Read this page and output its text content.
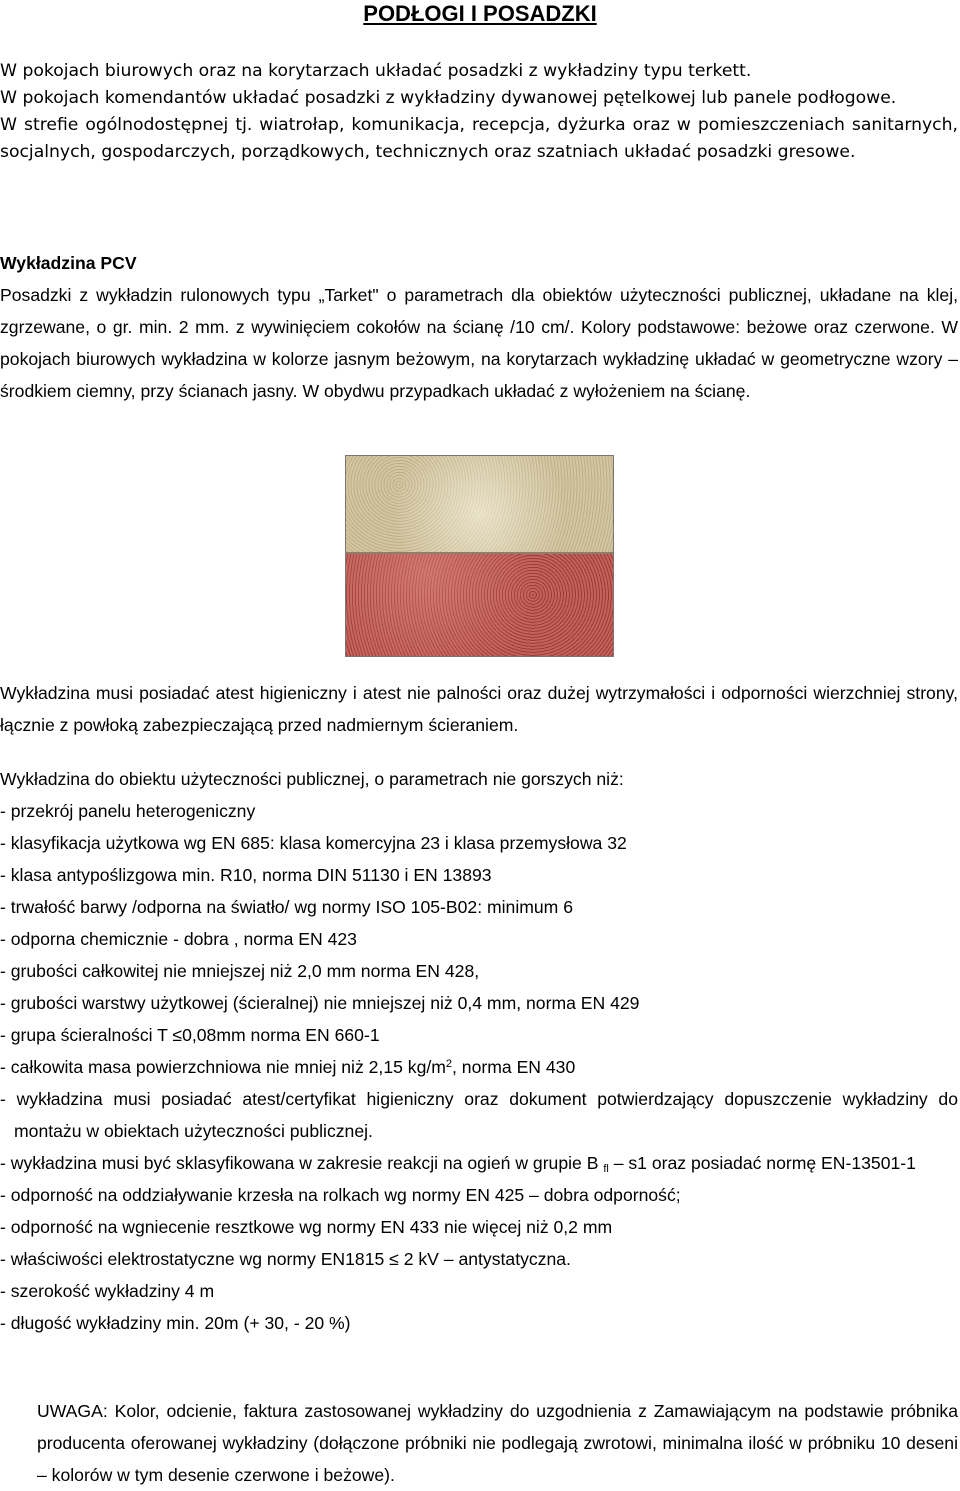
PODŁOGI I POSADZKI

W pokojach biurowych oraz na korytarzach układać posadzki z wykładziny typu terkett.

W pokojach komendantów układać posadzki z wykładziny dywanowej pętelkowej lub panele podłogowe.

W strefie ogólnodostępnej tj. wiatrołap, komunikacja, recepcja, dyżurka oraz w pomieszczeniach sanitarnych, socjalnych, gospodarczych, porządkowych, technicznych oraz szatniach układać posadzki gresowe.

Wykładzina PCV

Posadzki z wykładzin rulonowych typu „Tarket" o parametrach dla obiektów użyteczności publicznej, układane na klej, zgrzewane, o gr. min. 2 mm. z wywinięciem cokołów na ścianę /10 cm/. Kolory podstawowe: beżowe oraz czerwone. W pokojach biurowych wykładzina w kolorze jasnym beżowym, na korytarzach wykładzinę układać w geometryczne wzory – środkiem ciemny, przy ścianach jasny. W obydwu przypadkach układać z wyłożeniem na ścianę.

Wykładzina musi posiadać atest higieniczny i atest nie palności oraz dużej wytrzymałości i odporności wierzchniej strony, łącznie z powłoką zabezpieczającą przed nadmiernym ścieraniem.

Wykładzina do obiektu użyteczności publicznej, o parametrach nie gorszych niż:

- przekrój panelu heterogeniczny

- klasyfikacja użytkowa wg EN 685: klasa komercyjna 23 i klasa przemysłowa 32

- klasa antypoślizgowa min. R10, norma DIN 51130 i EN 13893

- trwałość barwy /odporna na światło/ wg normy ISO 105-B02: minimum 6

- odporna chemicznie - dobra , norma EN 423

- grubości całkowitej nie mniejszej niż 2,0 mm norma EN 428,

- grubości warstwy użytkowej (ścieralnej) nie mniejszej niż 0,4 mm, norma EN 429

- grupa ścieralności T ≤0,08mm norma EN 660-1

- całkowita masa powierzchniowa nie mniej niż 2,15 $kg/m^2$, norma EN 430

- wykładzina musi posiadać atest/certyfikat higieniczny oraz dokument potwierdzający dopuszczenie wykładziny do montażu w obiektach użyteczności publicznej.

- wykładzina musi być sklasyfikowana w zakresie reakcji na ogień w grupie B $_{fl}$ – s1 oraz posiadać normę EN-13501-1

- odporność na oddziaływanie krzesła na rolkach wg normy EN 425 – dobra odporność;

- odporność na wgniecenie resztkowe wg normy EN 433 nie więcej niż 0,2 mm

- właściwości elektrostatyczne wg normy EN1815 ≤ 2 kV – antystatyczna.

- szerokość wykładziny 4 m

- długość wykładziny min. 20m (+ 30, - 20 %)

UWAGA: Kolor, odcienie, faktura zastosowanej wykładziny do uzgodnienia z Zamawiającym na podstawie próbnika producenta oferowanej wykładziny (dołączone próbniki nie podlegają zwrotowi, minimalna ilość w próbniku 10 deseni – kolorów w tym desenie czerwone i beżowe).
